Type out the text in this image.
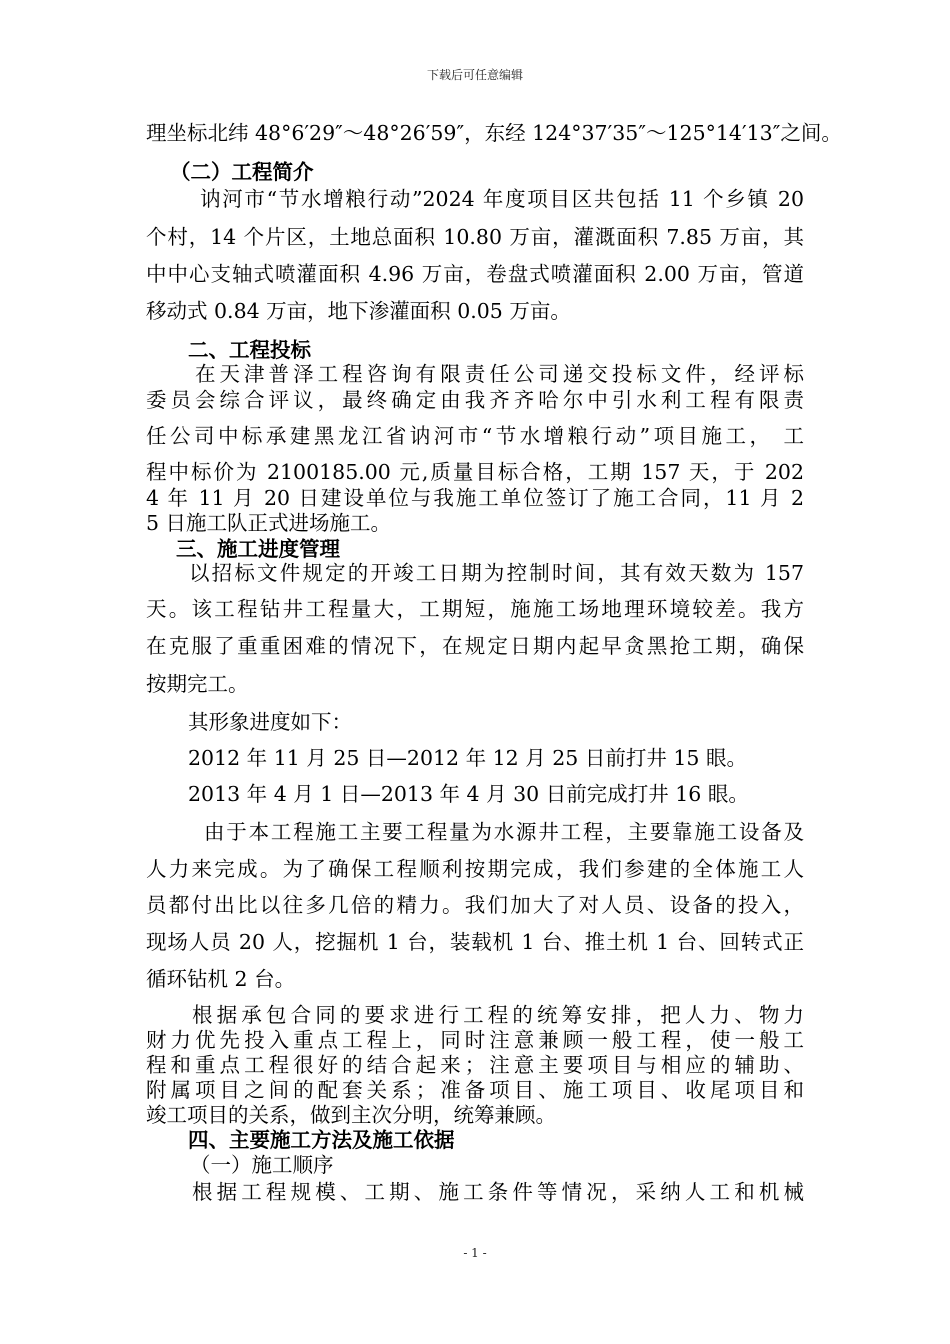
下载后可任意编辑
理坐标北纬 48°6′29″～48°26′59″，东经 124°37′35″～125°14′13″之间。
（二）工程简介
讷河市“节水增粮行动”2024 年度项目区共包括 11 个乡镇 20
个村，14 个片区，土地总面积 10.80 万亩，灌溉面积 7.85 万亩，其
中中心支轴式喷灌面积 4.96 万亩，卷盘式喷灌面积 2.00 万亩，管道
移动式 0.84 万亩，地下渗灌面积 0.05 万亩。
二、工程投标
在天津普泽工程咨询有限责任公司递交投标文件，经评标
委员会综合评议，最终确定由我齐齐哈尔中引水利工程有限责
任公司中标承建黑龙江省讷河市“节水增粮行动”项目施工， 工
程中标价为 2100185.00 元,质量目标合格，工期 157 天，于 202
4 年 11 月 20 日建设单位与我施工单位签订了施工合同，11 月 2
5 日施工队正式进场施工。
三、施工进度管理
以招标文件规定的开竣工日期为控制时间，其有效天数为 157
天。该工程钻井工程量大，工期短，施施工场地理环境较差。我方
在克服了重重困难的情况下，在规定日期内起早贪黑抢工期，确保
按期完工。
其形象进度如下：
2012 年 11 月 25 日—2012 年 12 月 25 日前打井 15 眼。
2013 年 4 月 1 日—2013 年 4 月 30 日前完成打井 16 眼。
由于本工程施工主要工程量为水源井工程，主要靠施工设备及
人力来完成。为了确保工程顺利按期完成，我们参建的全体施工人
员都付出比以往多几倍的精力。我们加大了对人员、设备的投入，
现场人员 20 人，挖掘机 1 台，装载机 1 台、推土机 1 台、回转式正
循环钻机 2 台。
根据承包合同的要求进行工程的统筹安排，把人力、物力
财力优先投入重点工程上，同时注意兼顾一般工程，使一般工
程和重点工程很好的结合起来；注意主要项目与相应的辅助、
附属项目之间的配套关系；准备项目、施工项目、收尾项目和
竣工项目的关系，做到主次分明，统筹兼顾。
四、主要施工方法及施工依据
（一）施工顺序
根据工程规模、工期、施工条件等情况，采纳人工和机械
- 1 -
